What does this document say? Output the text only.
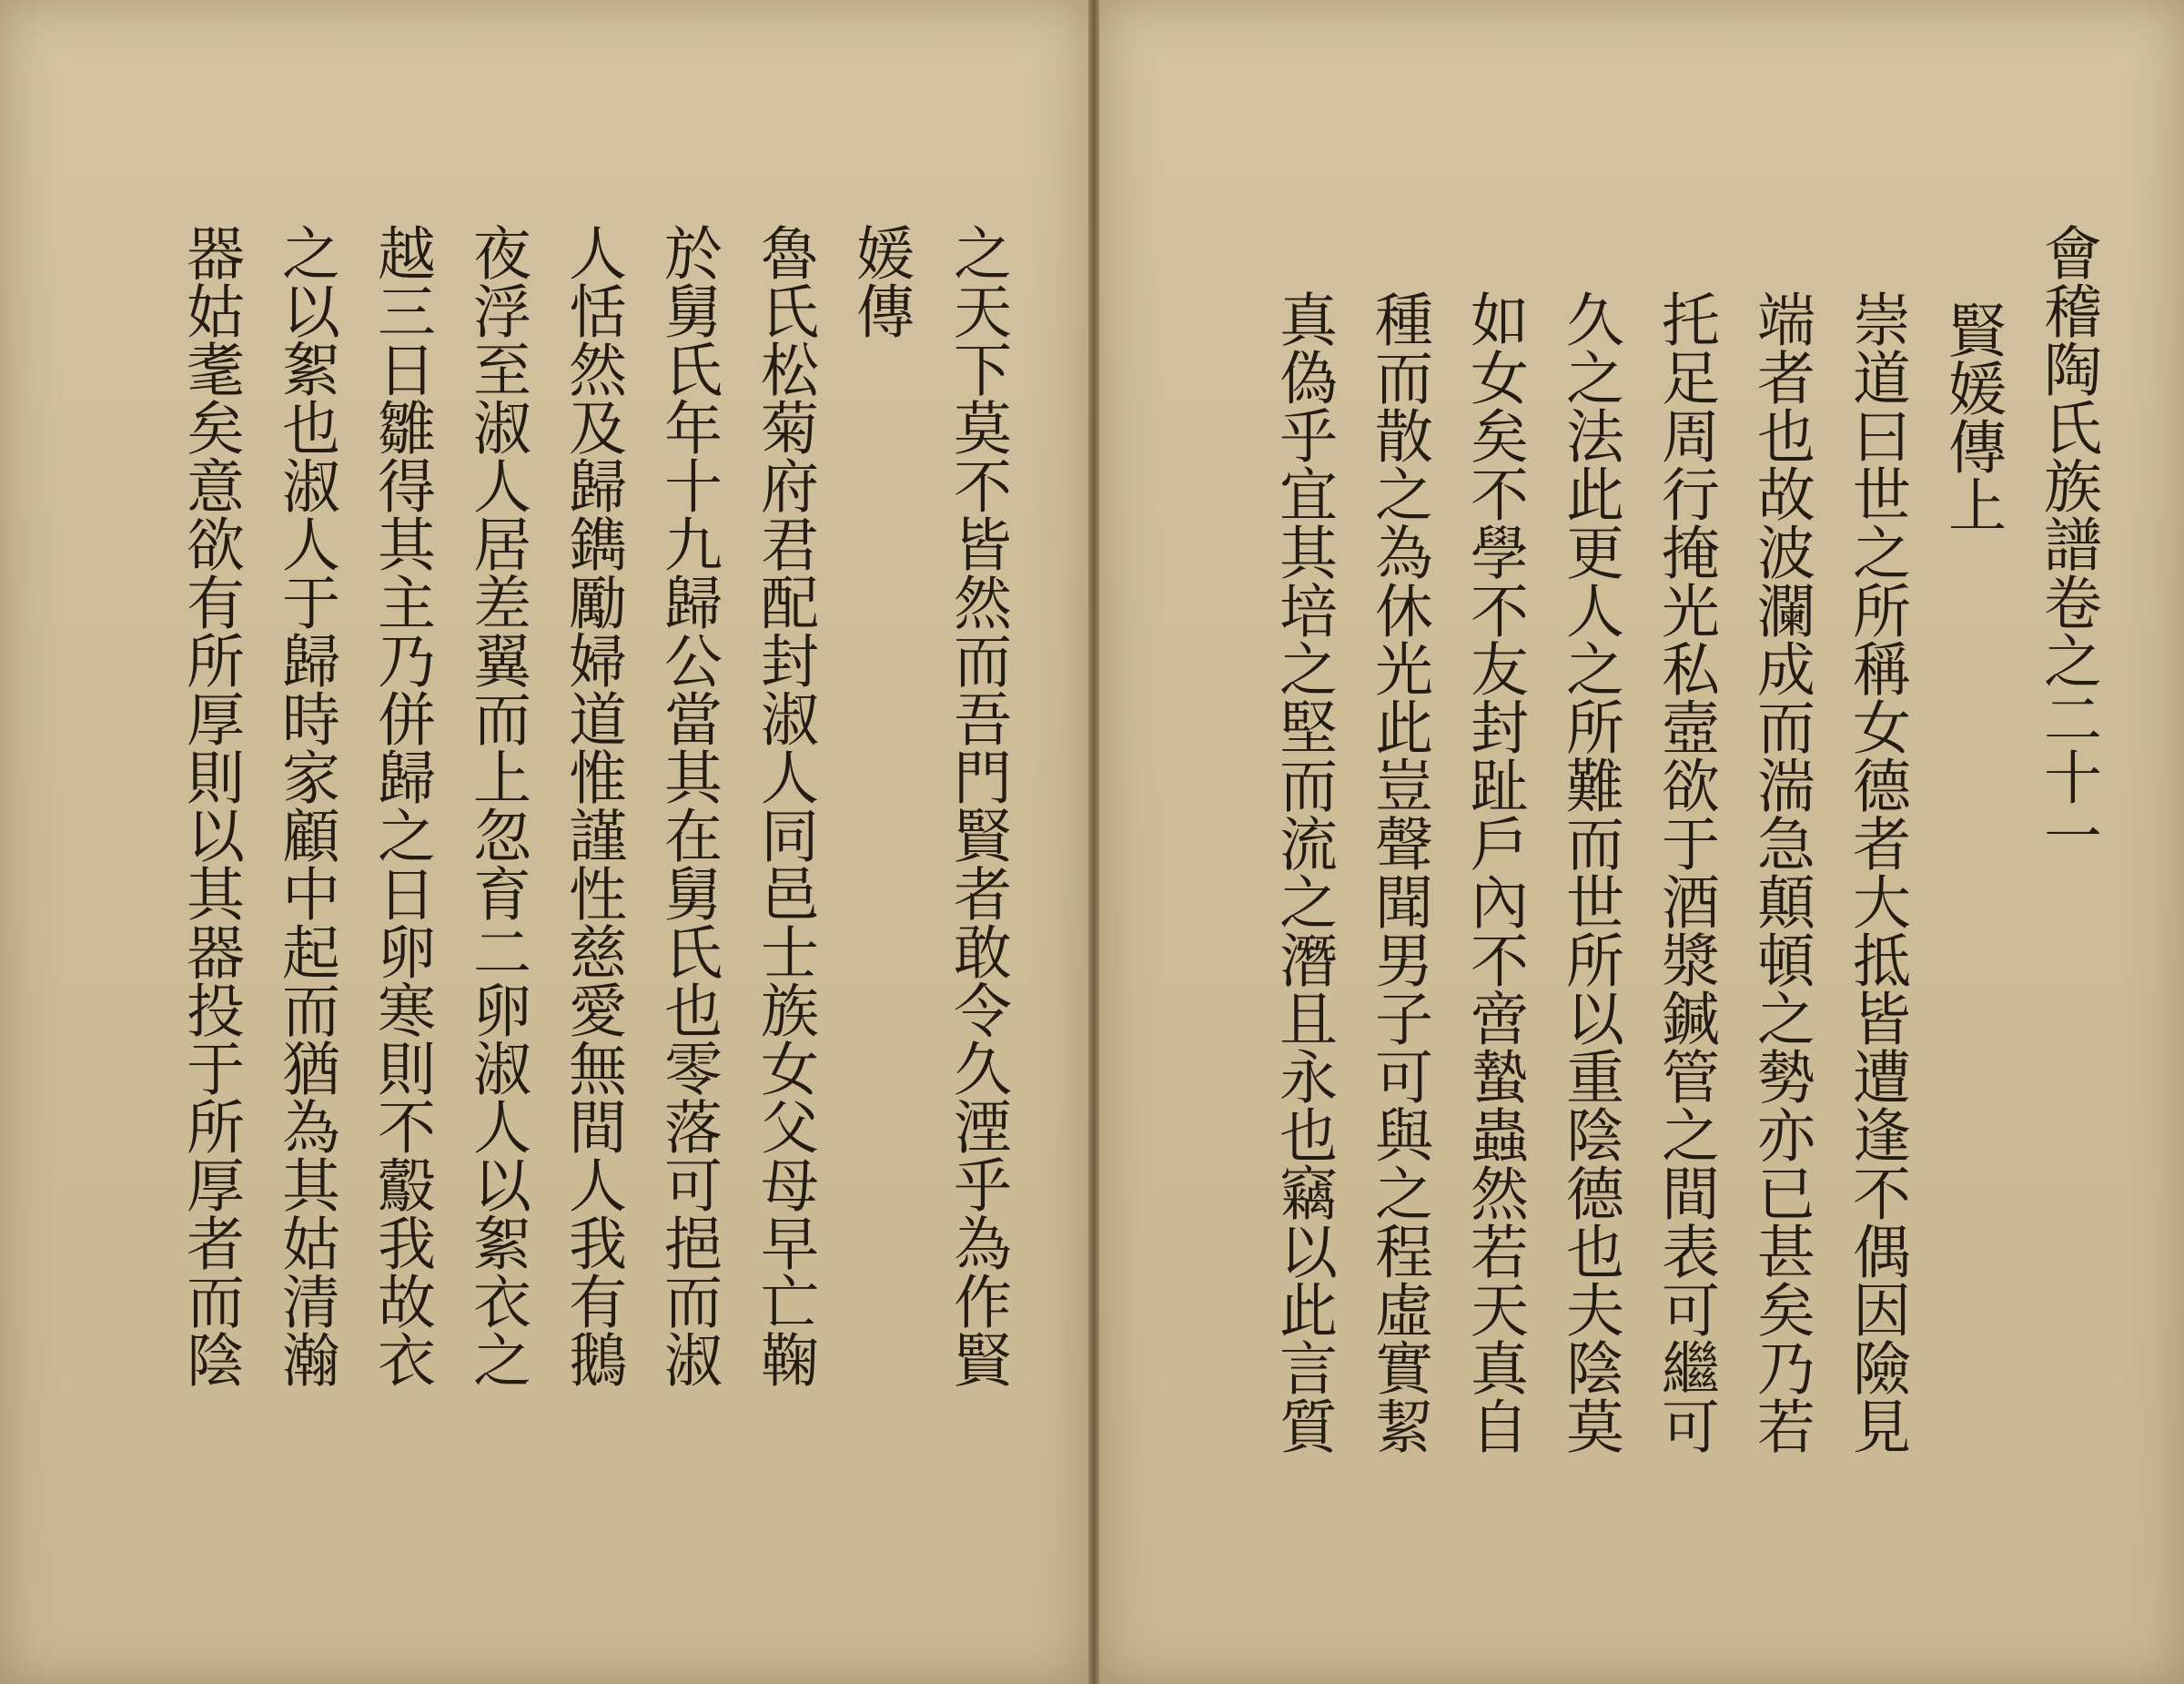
之天下莫不皆然而吾門賢者敢令久湮乎為作賢
媛傳
魯氏松菊府君配封淑人同邑士族女父母早亡鞠
於舅氏年十九歸公當其在舅氏也零落可挹而淑
人恬然及歸鐫勵婦道惟謹性慈愛無間人我有鵝
夜浮至淑人居差翼而上忽育二卵淑人以絮衣之
越三日雛得其主乃併歸之日卵寒則不鷇我故衣
之以絮也淑人于歸時家顧中起而猶為其姑清瀚
器姑耄矣意欲有所厚則以其器投于所厚者而陰	會稽陶氏族譜卷之二十一
賢媛傳上
崇道曰世之所稱女德者大抵皆遭逢不偶因險見
端者也故波瀾成而湍急顛頓之勢亦已甚矣乃若
托足周行掩光私壼欲于酒漿鍼管之間表可繼可
久之法此更人之所難而世所以重陰德也夫陰莫
如女矣不學不友封趾戶內不啻蟄蟲然若天真自
種而散之為休光此豈聲聞男子可與之程虛實絜
真偽乎宜其培之堅而流之潛且永也竊以此言質
